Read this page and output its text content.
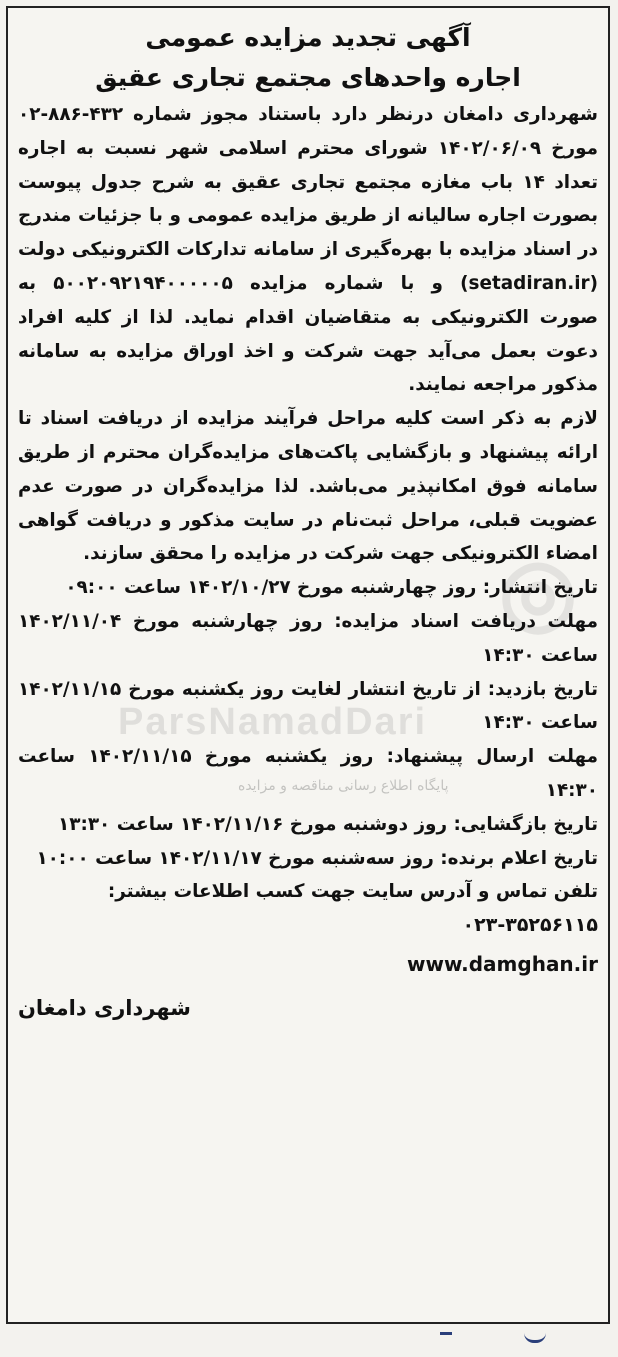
◎
ParsNamadDari
پایگاه اطلاع رسانی مناقصه و مزایده
آگهی تجدید مزایده عمومی
اجاره واحدهای مجتمع تجاری عقیق

شهرداری دامغان درنظر دارد باستناد مجوز شماره ۴۳۲-۸۸۶-۰۲ مورخ ۱۴۰۲/۰۶/۰۹ شورای محترم اسلامی شهر نسبت به اجاره تعداد ۱۴ باب مغازه مجتمع تجاری عقیق به شرح جدول پیوست بصورت اجاره سالیانه از طریق مزایده عمومی و با جزئیات مندرج در اسناد مزایده با بهره‌گیری از سامانه تدارکات الکترونیکی دولت (setadiran.ir) و با شماره مزایده ۵۰۰۲۰۹۲۱۹۴۰۰۰۰۰۵ به صورت الکترونیکی به متقاضیان اقدام نماید. لذا از کلیه افراد دعوت بعمل می‌آید جهت شرکت و اخذ اوراق مزایده به سامانه مذکور مراجعه نمایند.

لازم به ذکر است کلیه مراحل فرآیند مزایده از دریافت اسناد تا ارائه پیشنهاد و بازگشایی پاکت‌های مزایده‌گران محترم از طریق سامانه فوق امکانپذیر می‌باشد. لذا مزایده‌گران در صورت عدم عضویت قبلی، مراحل ثبت‌نام در سایت مذکور و دریافت گواهی امضاء الکترونیکی جهت شرکت در مزایده را محقق سازند.

تاریخ انتشار: روز چهارشنبه مورخ ۱۴۰۲/۱۰/۲۷ ساعت ۰۹:۰۰

مهلت دریافت اسناد مزایده: روز چهارشنبه مورخ ۱۴۰۲/۱۱/۰۴ ساعت ۱۴:۳۰

تاریخ بازدید: از تاریخ انتشار لغایت روز یکشنبه مورخ ۱۴۰۲/۱۱/۱۵ ساعت ۱۴:۳۰

مهلت ارسال پیشنهاد: روز یکشنبه مورخ ۱۴۰۲/۱۱/۱۵ ساعت ۱۴:۳۰

تاریخ بازگشایی: روز دوشنبه مورخ ۱۴۰۲/۱۱/۱۶ ساعت ۱۳:۳۰

تاریخ اعلام برنده: روز سه‌شنبه مورخ ۱۴۰۲/۱۱/۱۷ ساعت ۱۰:۰۰

تلفن تماس و آدرس سایت جهت کسب اطلاعات بیشتر:

۰۲۳-۳۵۲۵۶۱۱۵
www.damghan.ir
شهرداری دامغان
